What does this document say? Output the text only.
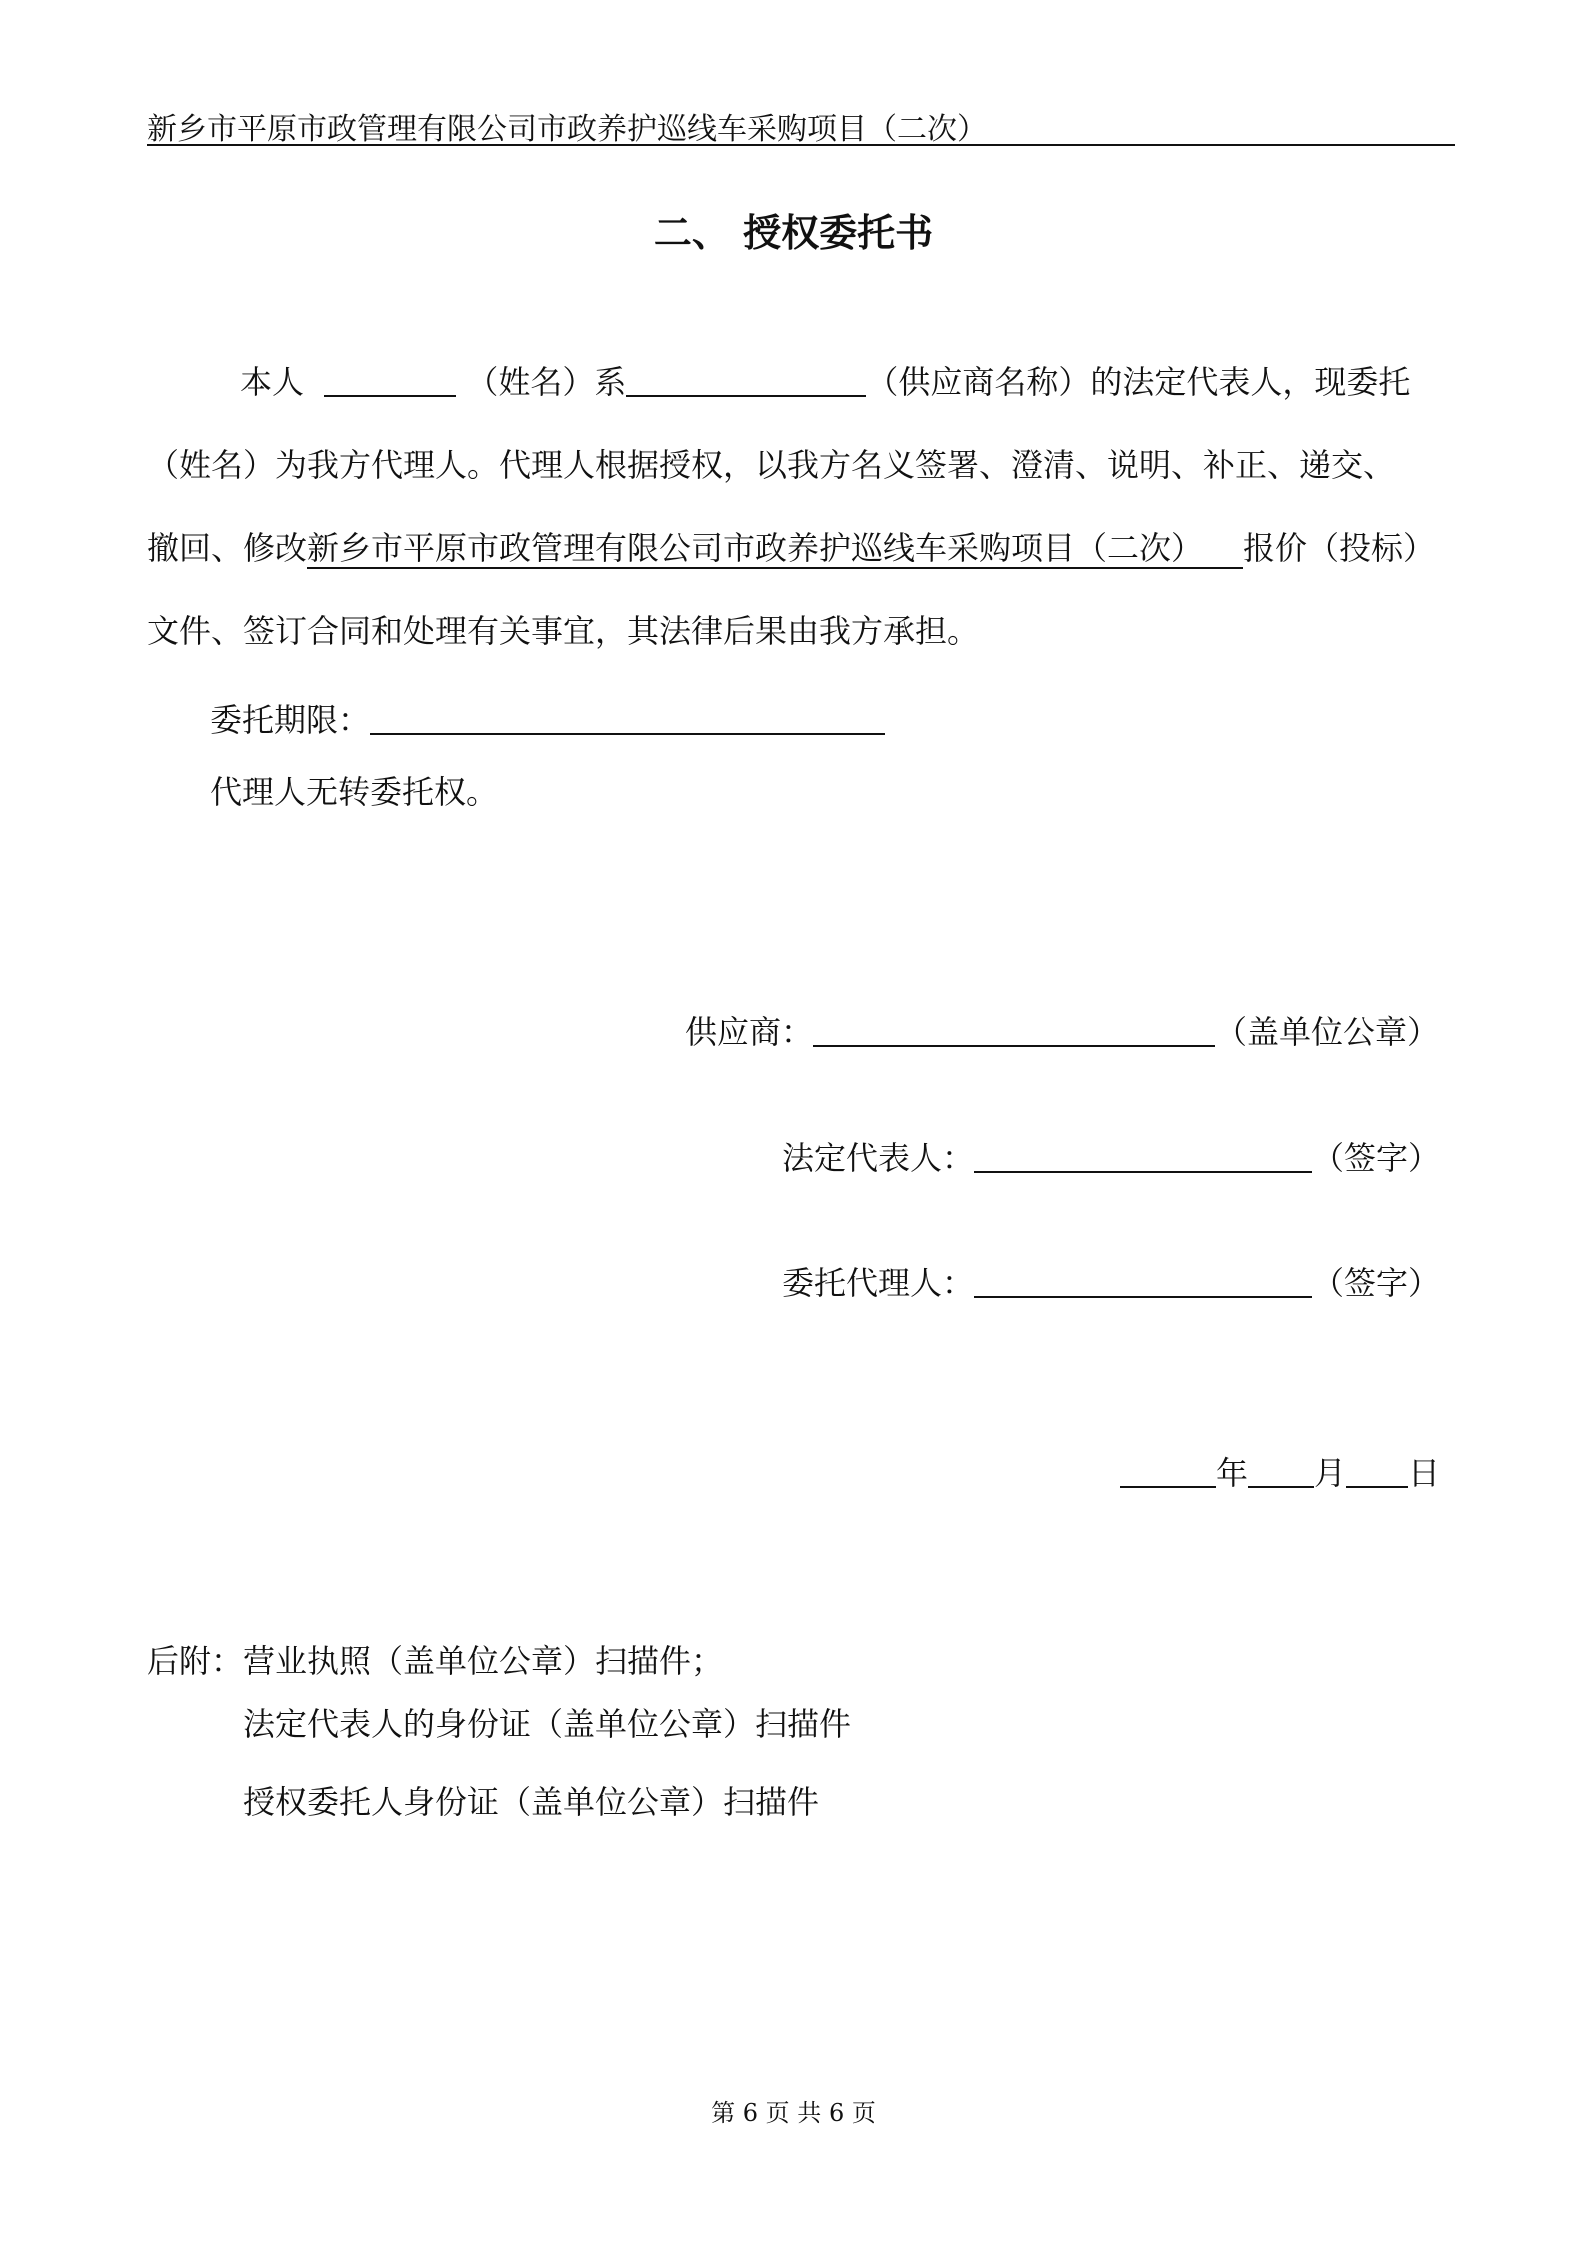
新乡市平原市政管理有限公司市政养护巡线车采购项目（二次）
二、 授权委托书
本人	（姓名）系	（供应商名称）的法定代表人，现委托
（姓名）为我方代理人。代理人根据授权，以我方名义签署、澄清、说明、补正、递交、
撤回、修改新乡市平原市政管理有限公司市政养护巡线车采购项目（二次） 报价（投标）
文件、签订合同和处理有关事宜，其法律后果由我方承担。
委托期限：
代理人无转委托权。
供应商：	（盖单位公章）
法定代表人：	（签字）
委托代理人：	（签字）
年 月 日
后附：营业执照（盖单位公章）扫描件；
法定代表人的身份证（盖单位公章）扫描件
授权委托人身份证（盖单位公章）扫描件
第 6 页 共 6 页
